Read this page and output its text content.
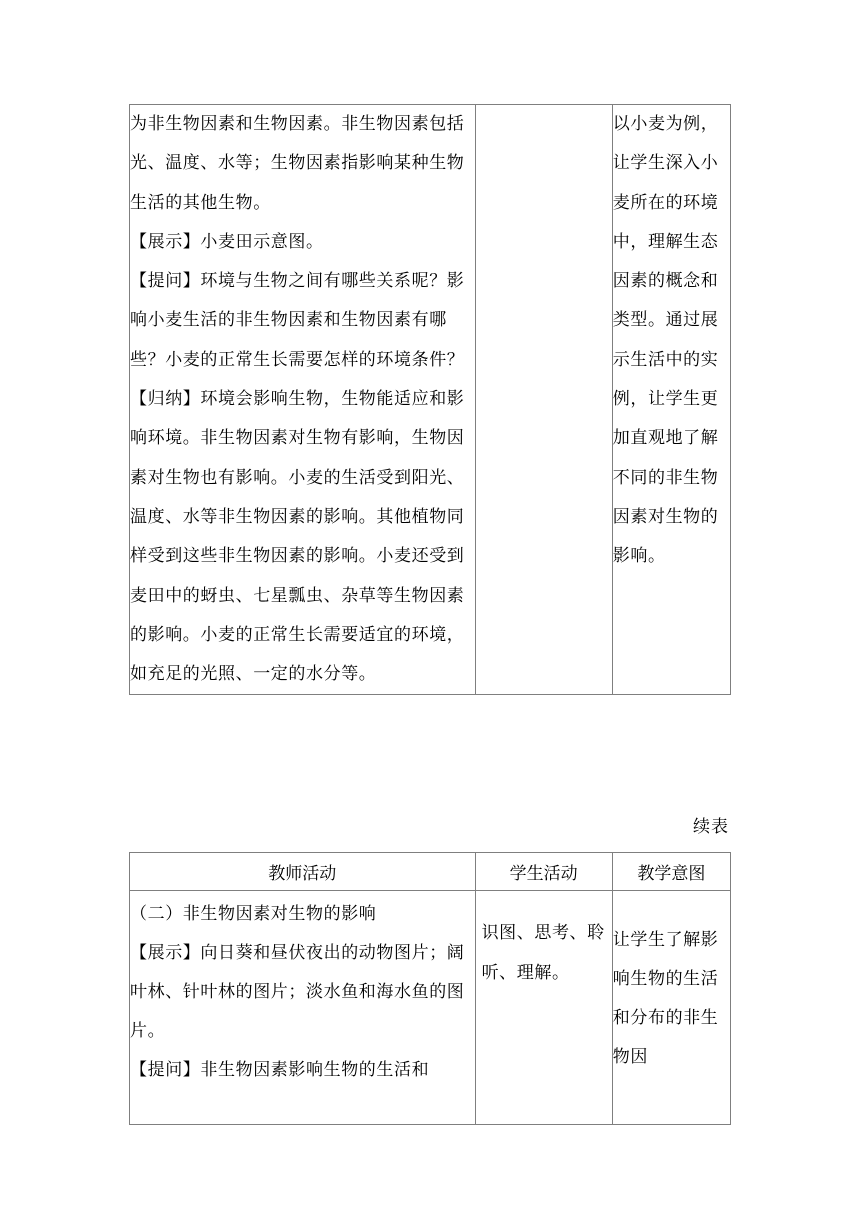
为非生物因素和生物因素。非生物因素包括光、温度、水等；生物因素指影响某种生物生活的其他生物。

【展示】小麦田示意图。

【提问】环境与生物之间有哪些关系呢？影响小麦生活的非生物因素和生物因素有哪些？小麦的正常生长需要怎样的环境条件？

【归纳】环境会影响生物，生物能适应和影响环境。非生物因素对生物有影响，生物因素对生物也有影响。小麦的生活受到阳光、温度、水等非生物因素的影响。其他植物同样受到这些非生物因素的影响。小麦还受到麦田中的蚜虫、七星瓢虫、杂草等生物因素的影响。小麦的正常生长需要适宜的环境，如充足的光照、一定的水分等。

		以小麦为例，让学生深入小麦所在的环境中，理解生态因素的概念和类型。通过展示生活中的实例，让学生更加直观地了解不同的非生物因素对生物的影响。
续表
教师活动	学生活动	教学意图

（二）非生物因素对生物的影响

【展示】向日葵和昼伏夜出的动物图片；阔叶林、针叶林的图片；淡水鱼和海水鱼的图片。

【提问】非生物因素影响生物的生活和	识图、思考、聆听、理解。	让学生了解影响生物的生活和分布的非生物因
